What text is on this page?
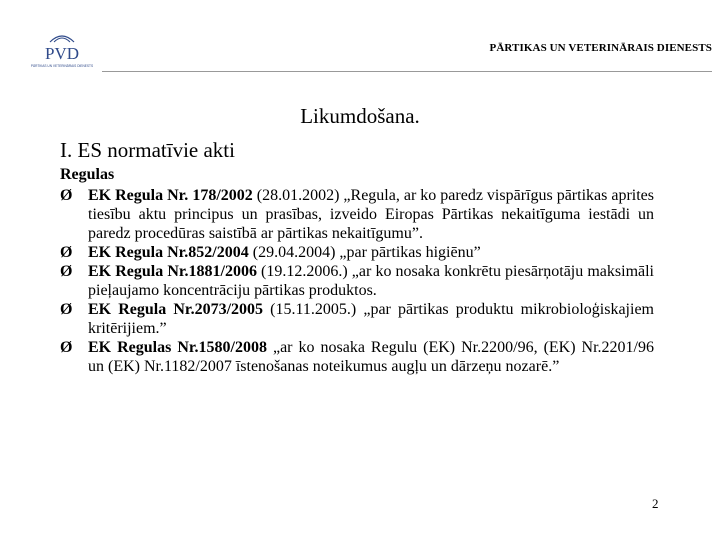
PVD
PĀRTIKAS UN VETERINĀRAIS DIENESTS
PĀRTIKAS UN VETERINĀRAIS DIENESTS
Likumdošana.
I. ES normatīvie akti
Regulas
Ø EK Regula Nr. 178/2002 (28.01.2002) „Regula, ar ko paredz vispārīgus pārtikas aprites tiesību aktu principus un prasības, izveido Eiropas Pārtikas nekaitīguma iestādi un paredz procedūras saistībā ar pārtikas nekaitīgumu”.
Ø EK Regula Nr.852/2004 (29.04.2004) „par pārtikas higiēnu”
Ø EK Regula Nr.1881/2006 (19.12.2006.) „ar ko nosaka konkrētu piesārņotāju maksimāli pieļaujamo koncentrāciju pārtikas produktos.
Ø EK Regula Nr.2073/2005 (15.11.2005.) „par pārtikas produktu mikrobioloģiskajiem kritērijiem.”
Ø EK Regulas Nr.1580/2008 „ar ko nosaka Regulu (EK) Nr.2200/96, (EK) Nr.2201/96 un (EK) Nr.1182/2007 īstenošanas noteikumus augļu un dārzeņu nozarē.”
2
